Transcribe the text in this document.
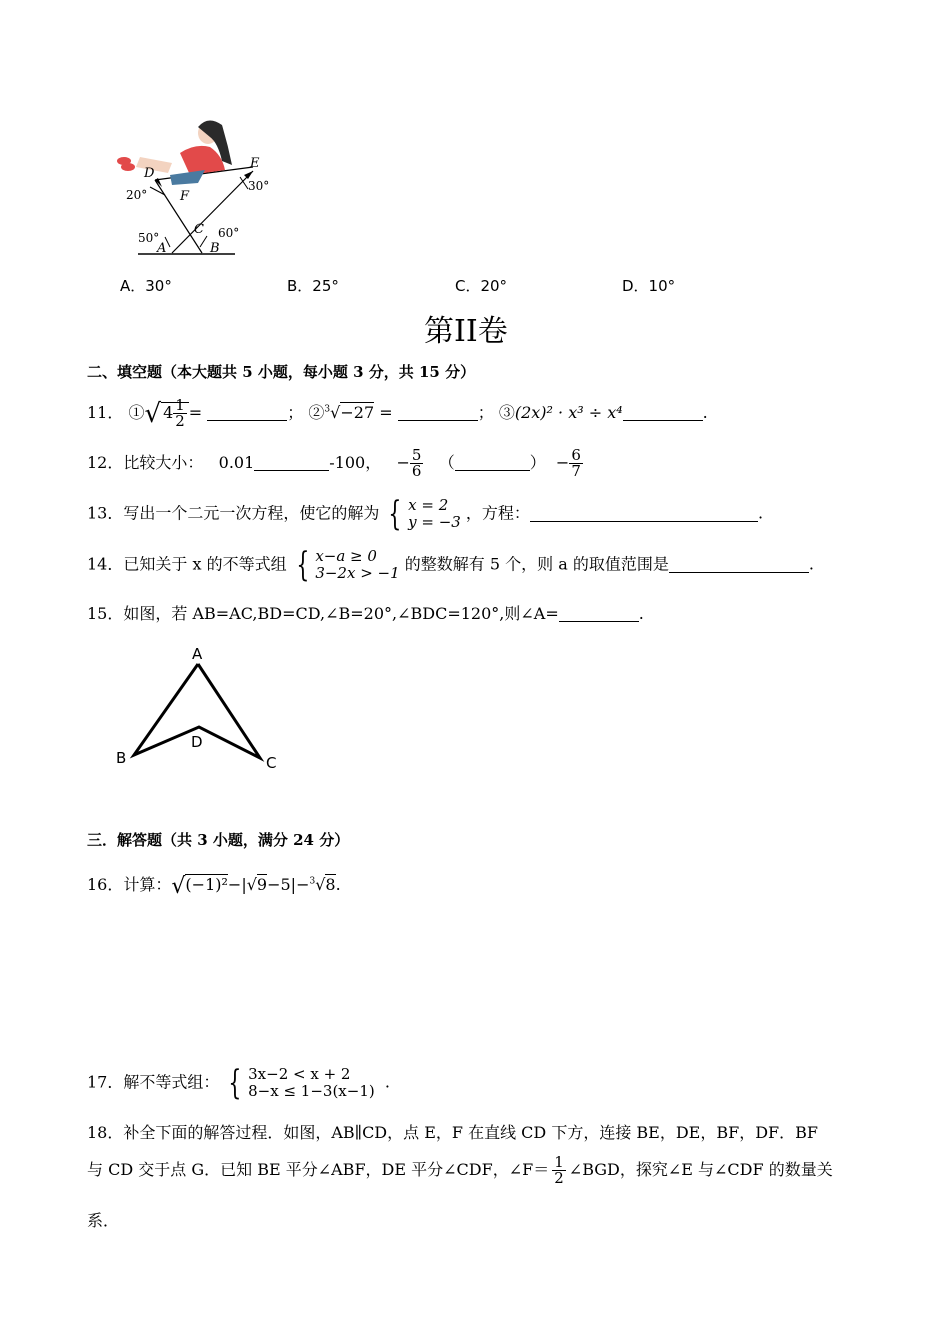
D
E
F
C
A	B
20°
30°
50°	60°
A．30°	B．25°	C．20°	D．10°
第II卷
二、填空题（本大题共 5 小题，每小题 3 分，共 15 分）
11． ①√ $4 \frac{1}{2}$ =	； ②$^3$√−27 =	； ③(2x)² · x³ ÷ x⁴	.
12．比较大小： 0.01	-100， − $\frac{5}{6}$ （	） − $\frac{6}{7}$
13．写出一个二元一次方程，使它的解为 { x = 2
y = −3 ，方程：	.
14．已知关于 x 的不等式组 { x−a ≥ 0
3−2x > −1 的整数解有 5 个，则 a 的取值范围是	.
15．如图，若 AB=AC,BD=CD,∠B=20°,∠BDC=120°,则∠A=	.
A
B	C
D
三．解答题（共 3 小题，满分 24 分）
16．计算：√(−1)²−|√9−5|−$^3$√8.
17．解不等式组： { 3x−2 < x + 2
8−x ≤ 1−3(x−1) .
18．补全下面的解答过程．如图，AB∥CD，点 E，F 在直线 CD 下方，连接 BE，DE，BF，DF．BF
与 CD 交于点 G．已知 BE 平分∠ABF，DE 平分∠CDF，∠F＝ $\frac{1}{2}$ ∠BGD，探究∠E 与∠CDF 的数量关
系．
